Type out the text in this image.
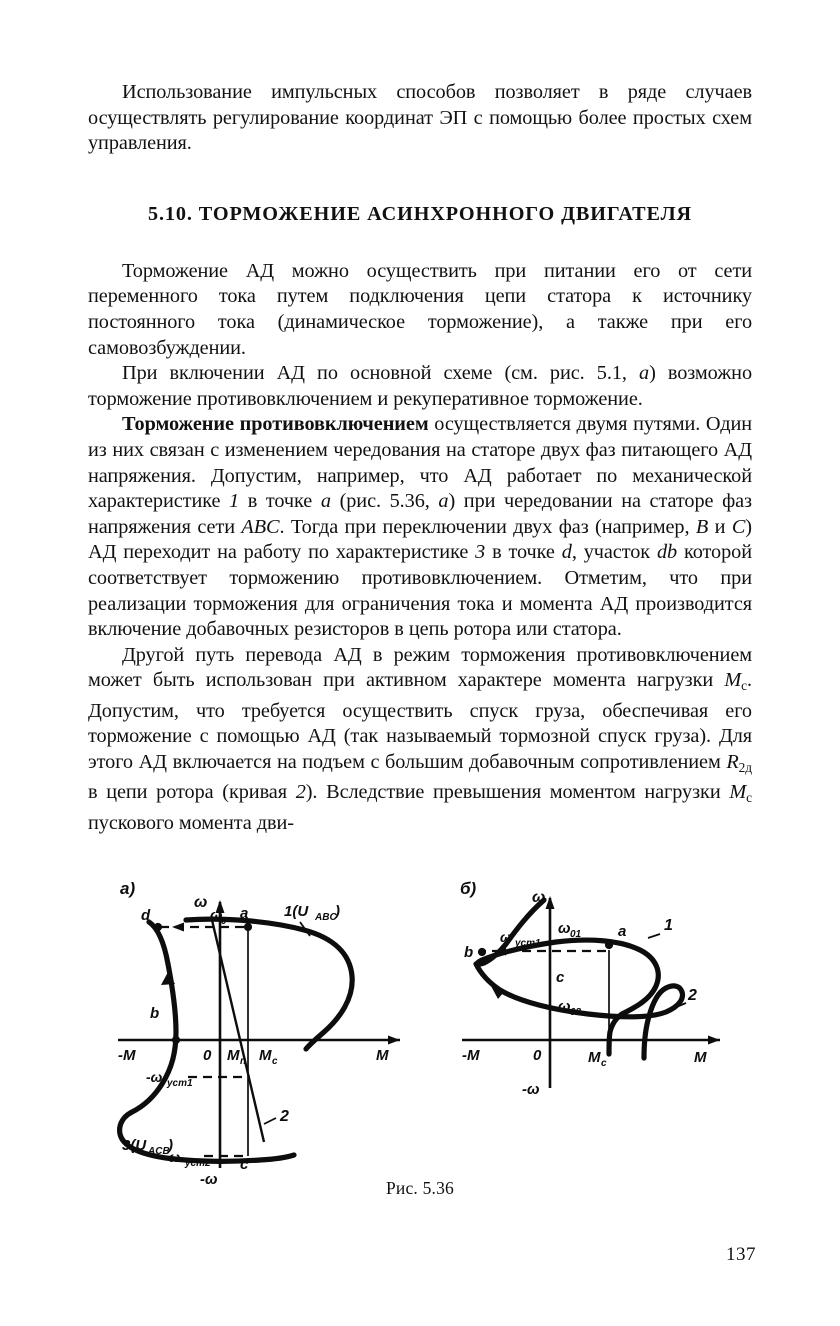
Использование импульсных способов позволяет в ряде случаев осуществлять регулирование координат ЭП с помощью более простых схем управления.

5.10. ТОРМОЖЕНИЕ АСИНХРОННОГО ДВИГАТЕЛЯ

Торможение АД можно осуществить при питании его от сети переменного тока путем подключения цепи статора к источнику постоянного тока (динамическое торможение), а также при его самовозбуждении.

При включении АД по основной схеме (см. рис. 5.1, а) возможно торможение противовключением и рекуперативное торможение.

Торможение противовключением осуществляется двумя путями. Один из них связан с изменением чередования на статоре двух фаз питающего АД напряжения. Допустим, например, что АД работает по механической характеристике 1 в точке а (рис. 5.36, а) при чередовании на статоре фаз напряжения сети ABC. Тогда при переключении двух фаз (например, В и С) АД переходит на работу по характеристике 3 в точке d, участок db которой соответствует торможению противовключением. Отметим, что при реализации торможения для ограничения тока и момента АД производится включение добавочных резисторов в цепь ротора или статора.

Другой путь перевода АД в режим торможения противовключением может быть использован при активном характере момента нагрузки $M_с$. Допустим, что требуется осуществить спуск груза, обеспечивая его торможение с помощью АД (так называемый тормозной спуск груза). Для этого АД включается на подъем с большим добавочным сопротивлением $R_{2д}$ в цепи ротора (кривая 2). Вследствие превышения моментом нагрузки $M_с$ пускового момента дви-

а)
ω
ω
0 a
d
b
c
1(U ABC
)
3(U ACB
)
2
-M	0	M
M п M с
-ω уст1
-ω уст2
-ω
б)	ω
ω 01
ω 02
ω уст1
a
b
c
1
2
-M	0	M с	M
-ω
Рис. 5.36
137
